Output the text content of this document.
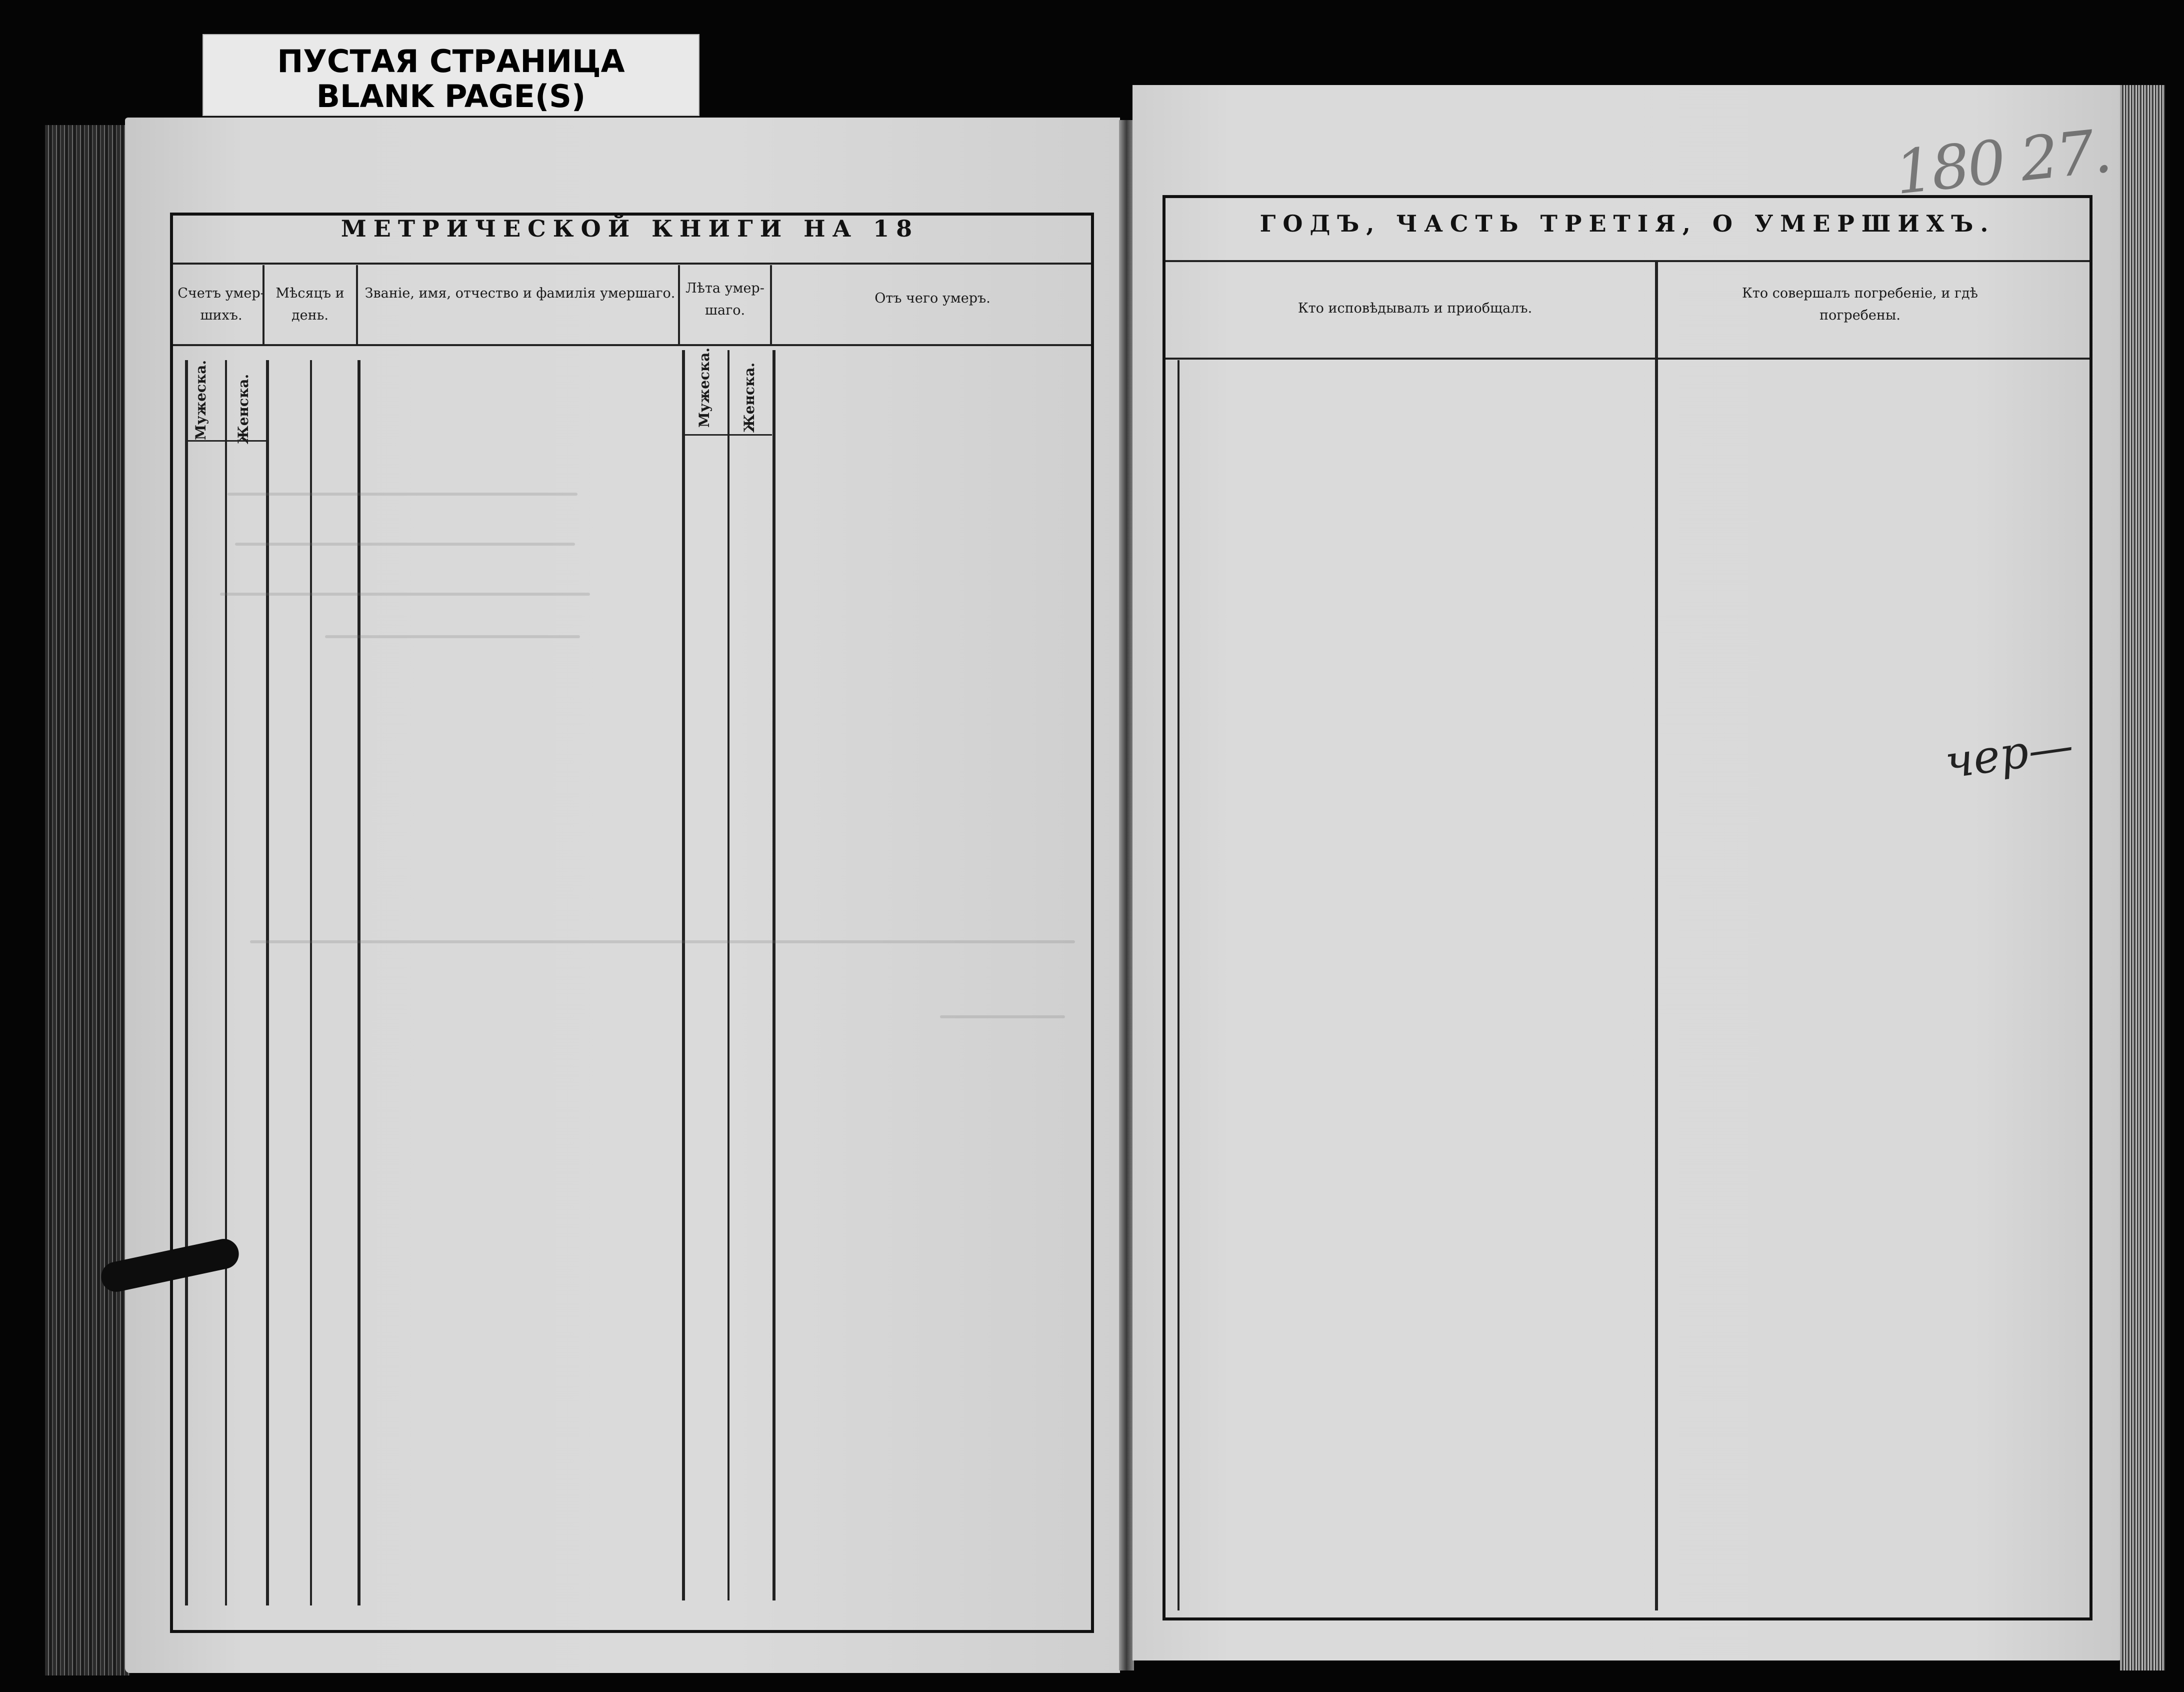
ПУСТАЯ СТРАНИЦА
BLANK PAGE(S)
МЕТРИЧЕСКОЙ КНИГИ НА 18
Счетъ умер-шихъ.
Мѣсяцъ и день.
Званіе, имя, отчество и фамилія умершаго. Лѣта умер-шаго.
Отъ чего умеръ.
Мужеска. Женска.	Мужеска. Женска.
ГОДЪ, ЧАСТЬ ТРЕТІЯ, О УМЕРШИХЪ.
Кто исповѣдывалъ и приобщалъ.
Кто совершалъ погребеніе, и гдѣ погребены.
180 27.
чер—
